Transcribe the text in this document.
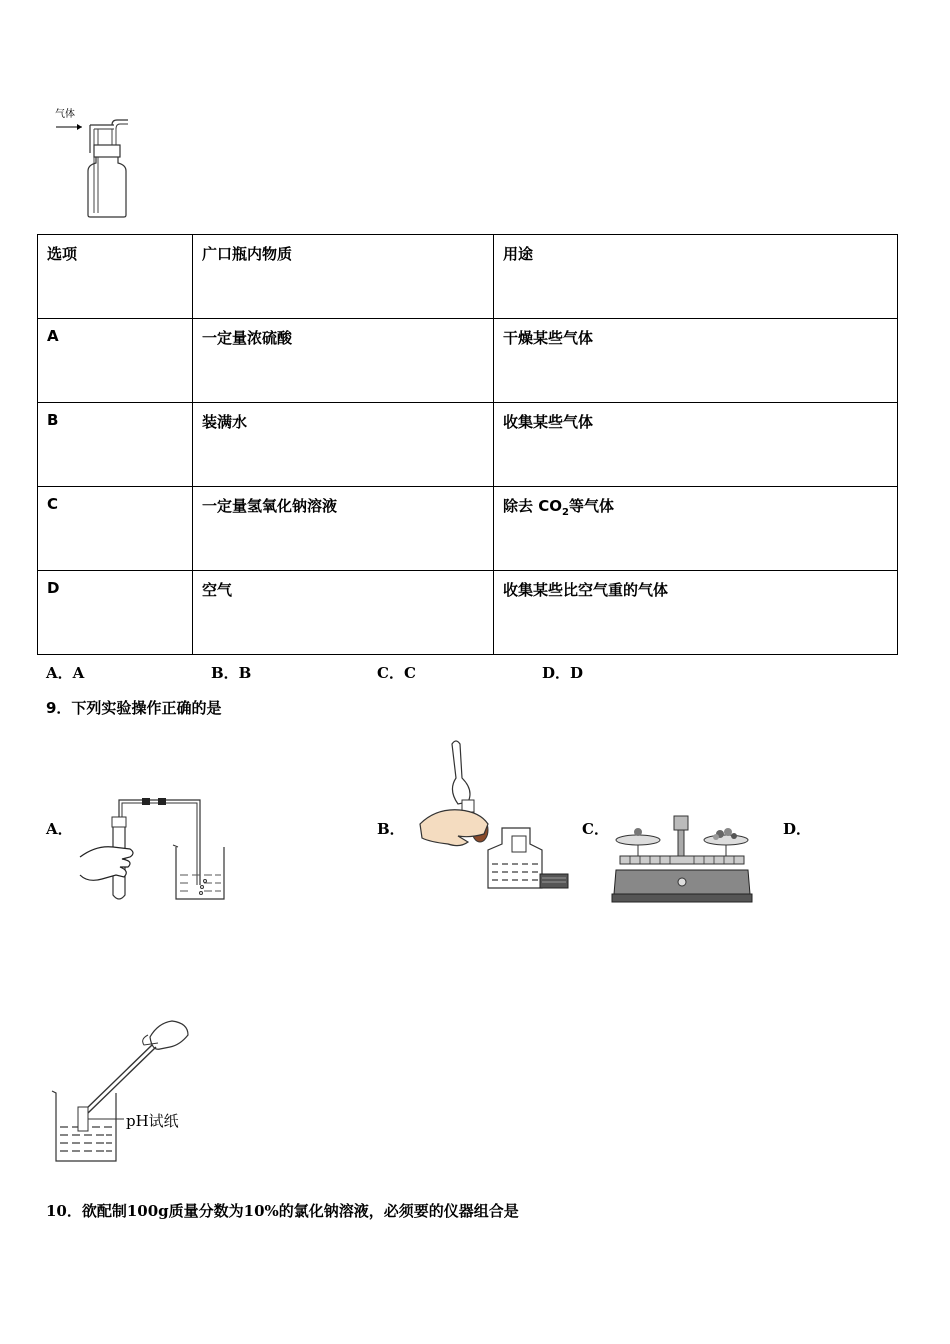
气体
选项	广口瓶内物质	用途
A	一定量浓硫酸	干燥某些气体
B	装满水	收集某些气体
C	一定量氢氧化钠溶液	除去 $CO_2$等气体
D	空气	收集某些比空气重的气体
A．A	B．B	C．C	D．D
9．下列实验操作正确的是
A．	B．	C．	D．
pH试纸
10．欲配制100g质量分数为10%的氯化钠溶液，必须要的仪器组合是
